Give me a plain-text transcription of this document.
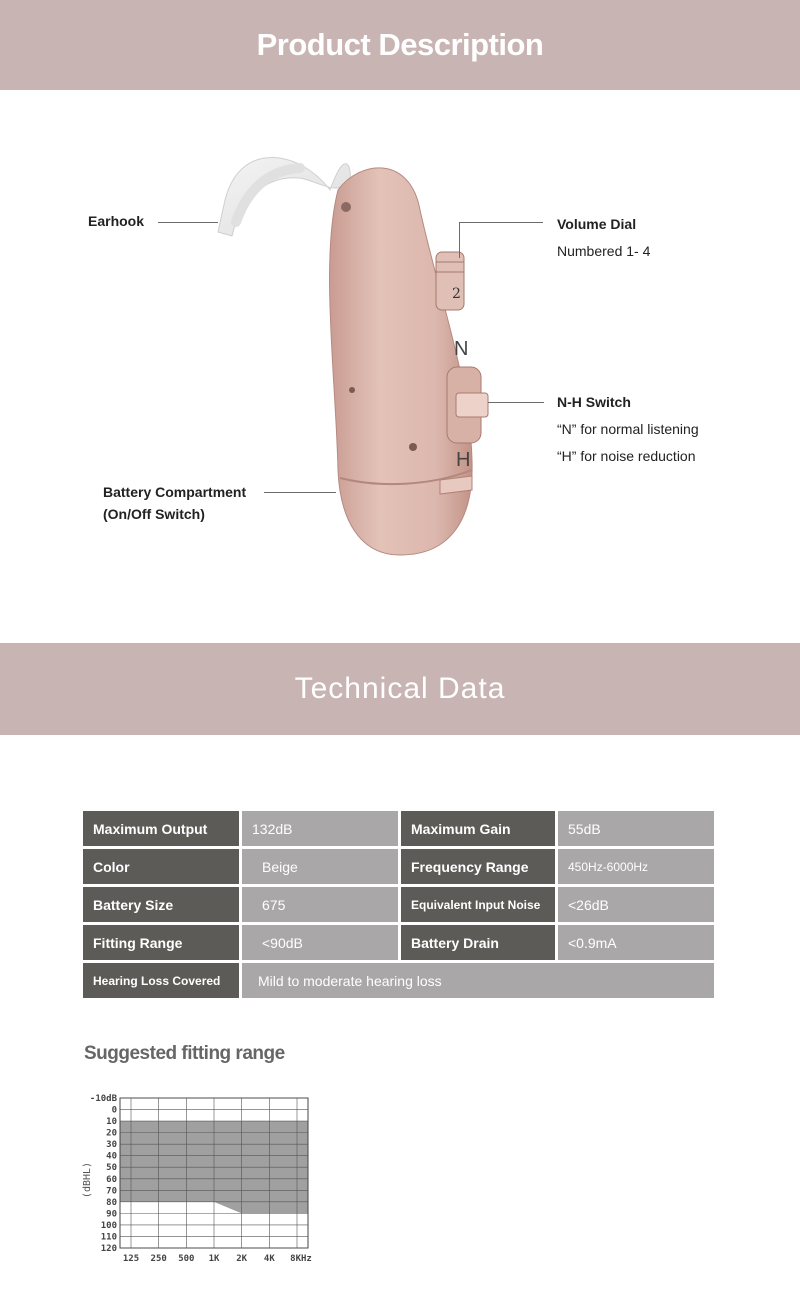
Product Description
2
N
H
Earhook	Volume Dial
Numbered 1- 4
N-H Switch
“N” for normal listening
“H” for noise reduction
Battery Compartment
(On/Off Switch)
Technical Data
Maximum Output	132dB	Maximum Gain	55dB
Color	Beige	Frequency Range	450Hz-6000Hz
Battery Size	675	Equivalent Input Noise	<26dB
Fitting Range	<90dB	Battery Drain	<0.9mA
Hearing Loss Covered	Mild to moderate hearing loss		
Suggested fitting range
-10dB
0
10
20
30
40
50
60
70
80
90
100
110
120
125 250 500 1K 2K 4K 8KHz
(dBHL)
